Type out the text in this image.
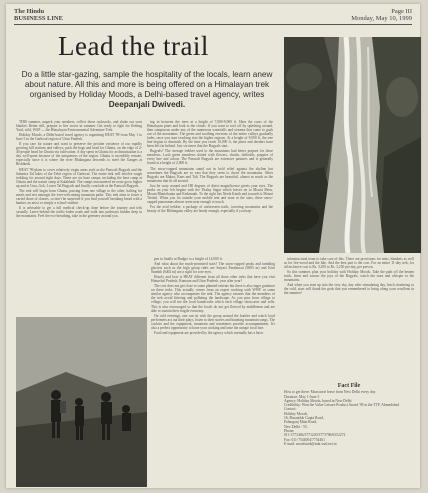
The Hindu
BUSINESS LINE
Page III
Monday, May 10, 1999
Lead the trail
Do a little star-gazing, sample the hospitality of the locals, learn anew about nature. All this and more is being offered on a Himalayan trek organised by Holiday Moods, a Delhi-based travel agency, writes Deepanjali Dwivedi.

THIS summer, unpack your sneakers, collect those rucksacks, and shake out your blanket. Better still, prepare to live worse in summer. Get ready to fight for fleeting Yard, wild, WAP — the Himalayan Environmental Adventure Trek.

Holiday Moods, a Delhi-based travel agency is organising HEAT '99 from May 1 to June 5 in the Garhwal region of Uttar Pradesh.

If you care for nature and want to preserve the pristine existence of our rapidly growing hill stations and valleys, pack the bags and head for Ghuttu, on the edge of 2-40 people head for Ghuttu via cultivation. A day spent in Ghuttu for acclimatisation is a day well-spent because of the uniqueness of the region. Ghuttu is incredibly remote, especially since it is where the river Bhilangana descends to meet the Ganges at Rishikesh.

HEAT '99 plans to cover relatively virgin areas such as the Panwali Bugyals and the Sahastra Tal lakes of the Tehri region of Garhwal. The entire trek will involve rough trekking for around eight days. There are six base camps, including the base camp at Ghuttu and the transit camp at Kalakhadi. The camps encountered en route grow higher up and at Gwa, Gok, Lower Tal Bugyals and finally conclude at the Panwali Bugyals.

The trek will begin from Ghuttu, passing from one village to the other, halting for meals and rest amongst the ever-welcoming mountain paths. This trek aims to foster a varied share of classes, so don't be surprised if you find yourself breaking bread with a banker, an artist or simply a school-student.

It is advisable to get a full medical check-up done before the journey and trek casually. Leave behind the traffic-laden roads and walk into pathways hidden deep in the mountains. Feel the eco-breathing, take in the greenery around you.

ing in between the trees at a height of 7,000-9,000 ft. Hear the roars of the Himalayan pines and look to the clouds. If you want to cool off by splashing around, then sumptuous under any of the numerous waterfalls and streams that come to gush out of the mountains. The green and soothing environs of the entire valleys gradually fades, once you start reaching into the higher regions. At a height of 9,000 ft, the tree line begins to diminish. By the time you reach 10,000 ft, the pines and deodars have been left far behind. Just six times that the Bugyals start.

Bugyals? The average trekker used to the mountains had better prepare for these meadows. Lush green meadows dotted with flowers, shrubs, daffodils, poppies of every hue and colour. The Panwali Bugyals are extensive pastures and is generally found at a height of 2,000 ft.

The snow-capped mountains stand out in bold relief against the skyline but sometimes the Bugyals are so vast that they seem to dwarf the mountains. Other Bugyals are Mahra, Kans and Tali. The Bugyals are beautiful, almost as much as the mountains that fit all around.

Just be wary around and 180 degrees of direct magnificence greets your eyes. The peaks on your left begins with the Thalay Sagar which leaves on to Mount Meru, Mount Bhartekunta and Kedarnath. To the right lies Neela Kanth and towards it Mount Trishul. When you fix outside your mobile tent and stare at the stars, these snow-capped panoramas almost seem near enough to touch.

For the avid trekker, a package of unforeseen trails, towering mountains and the beauty of the Bhilangana valley are heady enough, especially if you hap-

pen to finally at Budgie to a height of 14,000 ft.

And what about the much-promised stars? The snow-capped peaks and tumbling glaciers such as the high group rides are Satyasi Panthuwai (6905 m) and Kirti Stambh (6402 m) are a sight for sore eyes.

Hourly and how is HEAT different from all those other treks that have you visit Himachal Pradesh, Kumaon and Uttar Pradesh, year after year?

The cost does not get close to some planned retreats but there is also eager guidance on these treks. This actually comes from an expert working with WWF or some similar agency who accompanies the trek. The agency ensures that the members of the trek avoid littering and polluting the landscape. As you pass from village to village, you will see the local handicrafts which each village showcases and sells. This is also encouraged so that the locals do not get fleeced by middlemen and are able to sustain their fragile economy.

On cold evenings, one can sit with the group around the bonfire and watch local performers act out their plays, listen to their stories and haunting mountain songs. The cookies and the equipment, mountain and sometimes provide accompaniment. It's also a perfect opportunity to hone your cooking and taste the unique local fare.

Food and equipment are provided by the agency which normally has a basic

infrastructural team to take care of this. There are provisions for tents, blankets as well as for fire-wood and the like. And the best part is the cost. For an entire 11-day trek, for all inclusive cost is Rs. 3,250 to Rs. 3,250 per day, per person.

So this summer, plan your holiday with Holiday Moods. Take the path off the beaten track, learn and savour the joys of the Bugyals, watch the stars and whisper to the mountains.

And when you start up into the very sky, day after stimulating day, leach chattering to the cold, stars will thank the gods that you remembered to bring along your woollens in the summer!

Fact File
How to get there: Mussoorie leave from New Delhi every day.
Duration: May 1-June 5
Agency: Holiday Moods, based in New Delhi
Credibility: Won the Value Leisure Product Award '99 at the TTF, Ahmedabad
Contact:
Holiday Moods,
16, Basantlok Gupta Road,
Paharganj Main Road,
New Delhi - 55.
Phone:
011-3773466/3771220/3773796/6552272
Fax: 011-7544004/7754461
E-mail: moodstrek@nda.vsnl.net.in
